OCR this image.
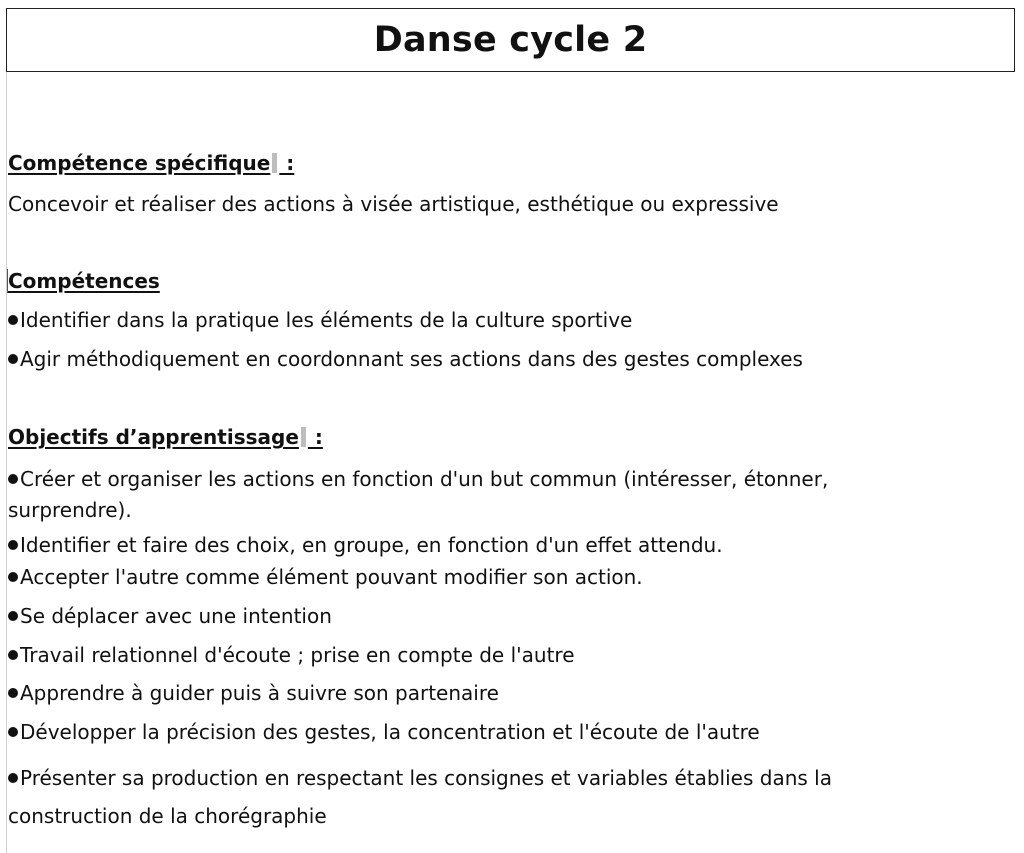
Danse cycle 2
Compétence spécifique :
Concevoir et réaliser des actions à visée artistique, esthétique ou expressive
Compétences
Identifier dans la pratique les éléments de la culture sportive
Agir méthodiquement en coordonnant ses actions dans des gestes complexes
Objectifs d’apprentissage :
Créer et organiser les actions en fonction d'un but commun (intéresser, étonner, surprendre).
Identifier et faire des choix, en groupe, en fonction d'un effet attendu.
Accepter l'autre comme élément pouvant modifier son action.
Se déplacer avec une intention
Travail relationnel d'écoute ; prise en compte de l'autre
Apprendre à guider puis à suivre son partenaire
Développer la précision des gestes, la concentration et l'écoute de l'autre
Présenter sa production en respectant les consignes et variables établies dans la construction de la chorégraphie
